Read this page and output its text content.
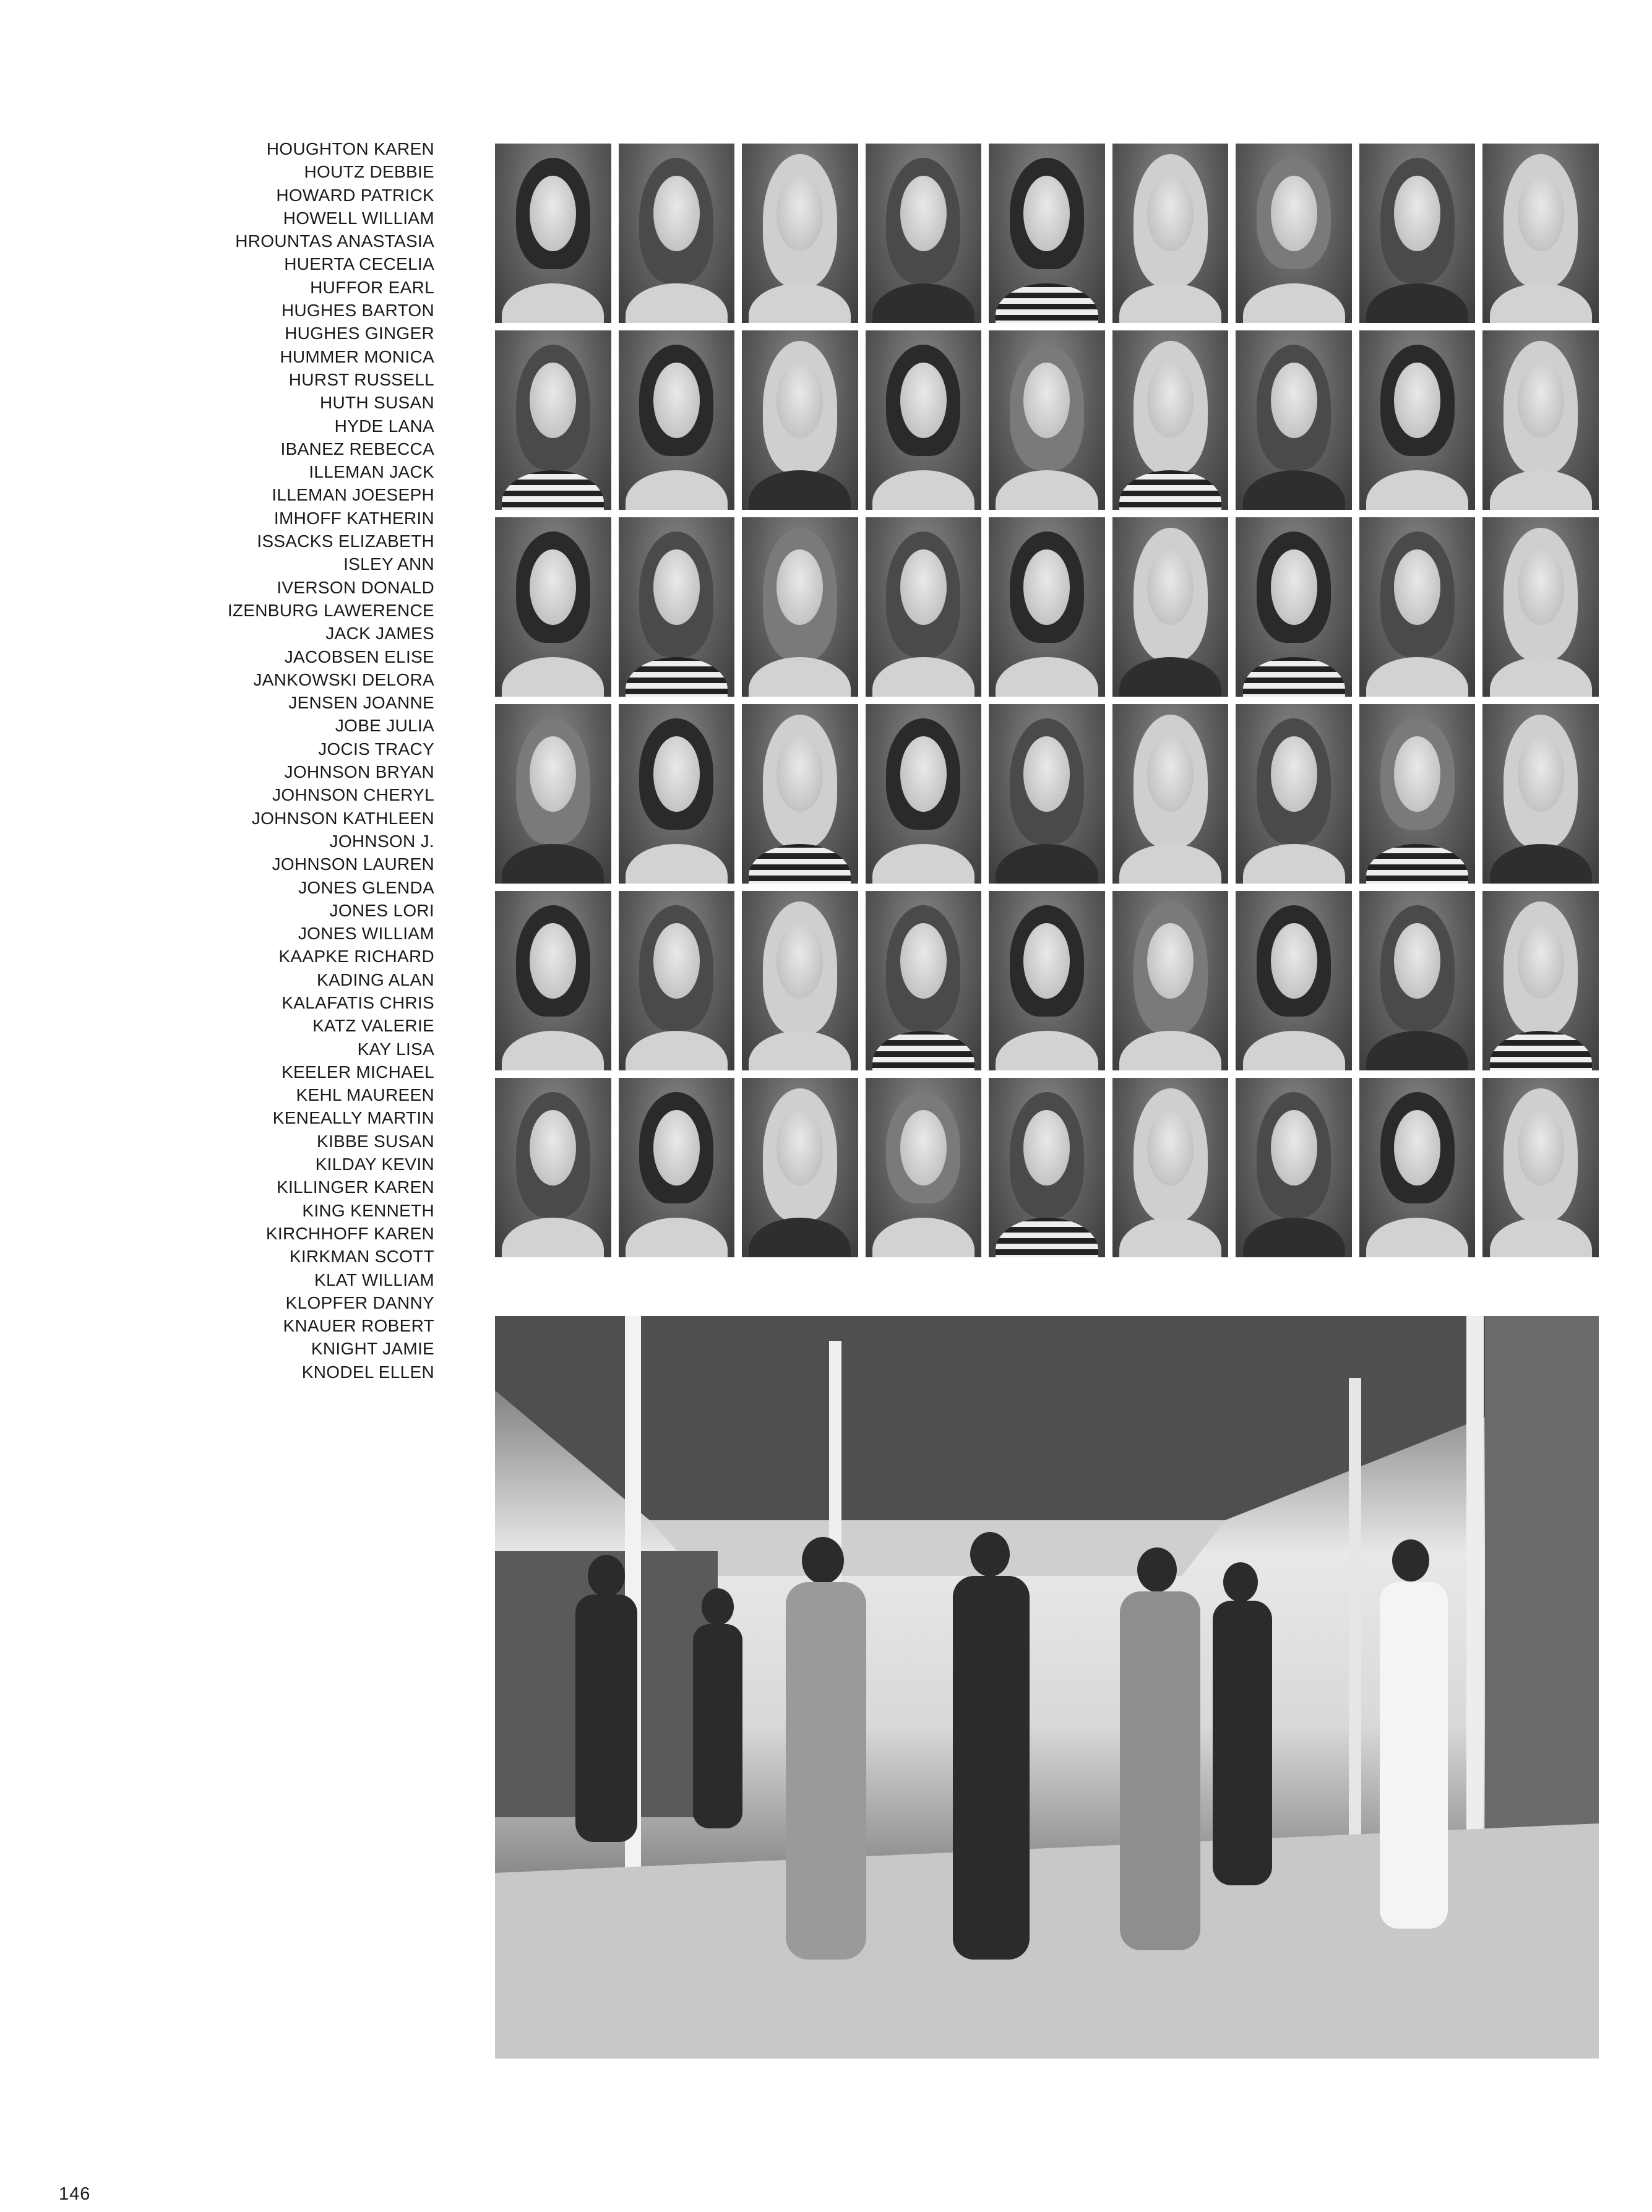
HOUGHTON KAREN
HOUTZ DEBBIE
HOWARD PATRICK
HOWELL WILLIAM
HROUNTAS ANASTASIA
HUERTA CECELIA
HUFFOR EARL
HUGHES BARTON
HUGHES GINGER
HUMMER MONICA
HURST RUSSELL
HUTH SUSAN
HYDE LANA
IBANEZ REBECCA
ILLEMAN JACK
ILLEMAN JOESEPH
IMHOFF KATHERIN
ISSACKS ELIZABETH
ISLEY ANN
IVERSON DONALD
IZENBURG LAWERENCE
JACK JAMES
JACOBSEN ELISE
JANKOWSKI DELORA
JENSEN JOANNE
JOBE JULIA
JOCIS TRACY
JOHNSON BRYAN
JOHNSON CHERYL
JOHNSON KATHLEEN
JOHNSON J.
JOHNSON LAUREN
JONES GLENDA
JONES LORI
JONES WILLIAM
KAAPKE RICHARD
KADING ALAN
KALAFATIS CHRIS
KATZ VALERIE
KAY LISA
KEELER MICHAEL
KEHL MAUREEN
KENEALLY MARTIN
KIBBE SUSAN
KILDAY KEVIN
KILLINGER KAREN
KING KENNETH
KIRCHHOFF KAREN
KIRKMAN SCOTT
KLAT WILLIAM
KLOPFER DANNY
KNAUER ROBERT
KNIGHT JAMIE
KNODEL ELLEN
146
